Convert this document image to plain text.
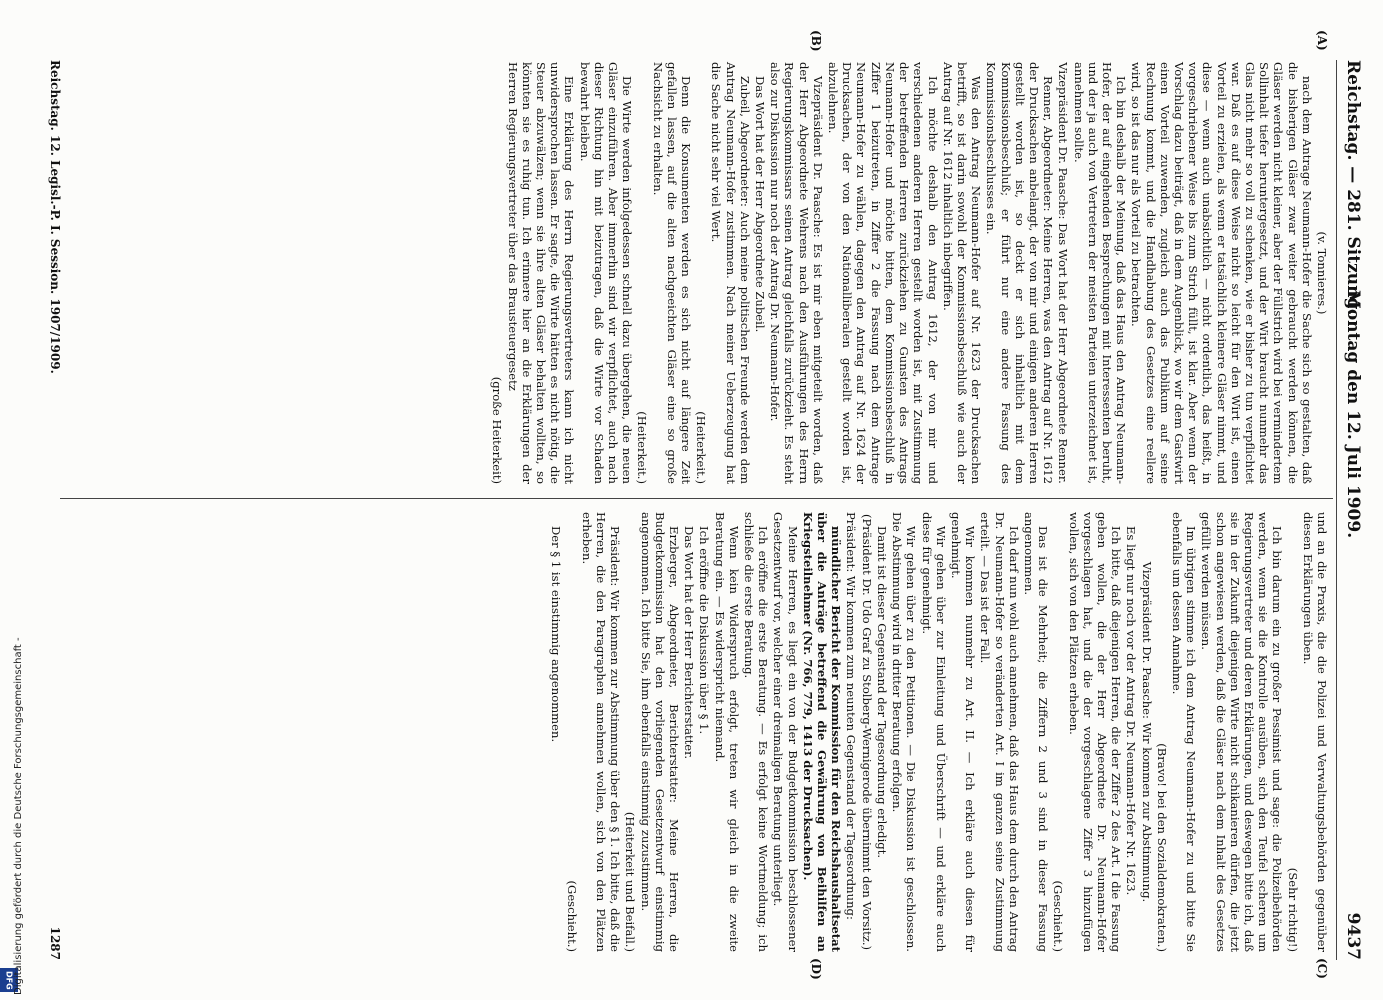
Reichstag. — 281. Sitzung.
Montag den 12. Juli 1909.
9437
(A)
(B)
(C)
(D)

(v. Tonnieres.)

nach dem Antrage Neumann-Hofer die Sache sich so gestalten, daß die bisherigen Gläser zwar weiter gebraucht werden können, die Gläser werden nicht kleiner, aber der Füllstrich wird bei vermindertem Sollinhalt tiefer heruntergesetzt, und der Wirt braucht nunmehr das Glas nicht mehr so voll zu schenken, wie er bisher zu tun verpflichtet war. Daß es auf diese Weise nicht so leicht für den Wirt ist, einen Vorteil zu erzielen, als wenn er tatsächlich kleinere Gläser nimmt, und diese — wenn auch unabsichtlich — nicht ordentlich, das heißt, in vorgeschriebener Weise bis zum Strich füllt, ist klar. Aber wenn der Vorschlag dazu beiträgt, daß in dem Augenblick, wo wir dem Gastwirt einen Vorteil zuwenden, zugleich auch das Publikum auf seine Rechnung kommt, und die Handhabung des Gesetzes eine reellere wird, so ist das nur als Vorteil zu betrachten.

Ich bin deshalb der Meinung, daß das Haus den Antrag Neumann-Hofer, der auf eingehenden Besprechungen mit Interessenten beruht, und der ja auch von Vertretern der meisten Parteien unterzeichnet ist, annehmen sollte.

Vizepräsident Dr. Paasche: Das Wort hat der Herr Abgeordnete Renner.

Renner, Abgeordneter: Meine Herren, was den Antrag auf Nr. 1612 der Drucksachen anbelangt, der von mir und einigen anderen Herren gestellt worden ist, so deckt er sich inhaltlich mit dem Kommissionsbeschluß; er führt nur eine andere Fassung des Kommissionsbeschlusses ein.

Was den Antrag Neumann-Hofer auf Nr. 1623 der Drucksachen betrifft, so ist darin sowohl der Kommissionsbeschluß wie auch der Antrag auf Nr. 1612 inhaltlich inbegriffen.

Ich möchte deshalb den Antrag 1612, der von mir und verschiedenen anderen Herren gestellt worden ist, mit Zustimmung der betreffenden Herren zurückziehen zu Gunsten des Antrags Neumann-Hofer und möchte bitten, dem Kommissionsbeschluß in Ziffer 1 beizutreten, in Ziffer 2 die Fassung nach dem Antrage Neumann-Hofer zu wählen, dagegen den Antrag auf Nr. 1624 der Drucksachen, der von den Nationalliberalen gestellt worden ist, abzulehnen.

Vizepräsident Dr. Paasche: Es ist mir eben mitgeteilt worden, daß der Herr Abgeordnete Wehrens nach den Ausführungen des Herrn Regierungskommissars seinen Antrag gleichfalls zurückzieht. Es steht also zur Diskussion nur noch der Antrag Dr. Neumann-Hofer.

Das Wort hat der Herr Abgeordnete Zubeil.

Zubeil, Abgeordneter: Auch meine politischen Freunde werden dem Antrag Neumann-Hofer zustimmen. Nach meiner Ueberzeugung hat die Sache nicht sehr viel Wert.

(Heiterkeit.)

Denn die Konsumenten werden es sich nicht auf längere Zeit gefallen lassen, auf die alten nachgeeichten Gläser eine so große Nachsicht zu erhalten.

(Heiterkeit.)

Die Wirte werden infolgedessen schnell dazu übergehen, die neuen Gläser einzuführen. Aber immerhin sind wir verpflichtet, auch nach dieser Richtung hin mit beizutragen, daß die Wirte vor Schaden bewahrt bleiben.

Eine Erklärung des Herrn Regierungsvertreters kann ich nicht unwidersprochen lassen. Er sagte, die Wirte hätten es nicht nötig, die Steuer abzuwälzen; wenn sie ihre alten Gläser behalten wollten, so könnten sie es ruhig tun. Ich erinnere hier an die Erklärungen der Herren Regierungsvertreter über das Brausteuergesetz

(große Heiterkeit)

und an die Praxis, die die Polizei und Verwaltungsbehörden gegenüber diesen Erklärungen üben.

(Sehr richtig!)

Ich bin darum ein zu großer Pessimist und sage: die Polizeibehörden werden, wenn sie die Kontrolle ausüben, sich den Teufel scheren um Regierungsvertreter und deren Erklärungen, und deswegen bitte ich, daß sie in der Zukunft diejenigen Wirte nicht schikanieren dürfen, die jetzt schon angewiesen werden, daß die Gläser nach dem Inhalt des Gesetzes gefüllt werden müssen.

Im übrigen stimme ich dem Antrag Neumann-Hofer zu und bitte Sie ebenfalls um dessen Annahme.

(Bravo! bei den Sozialdemokraten.)

Vizepräsident Dr. Paasche: Wir kommen zur Abstimmung.

Es liegt nur noch vor der Antrag Dr. Neumann-Hofer Nr. 1623.

Ich bitte, daß diejenigen Herren, die der Ziffer 2 des Art. I die Fassung geben wollen, die der Herr Abgeordnete Dr. Neumann-Hofer vorgeschlagen hat, und die der vorgeschlagene Ziffer 3 hinzufügen wollen, sich von den Plätzen erheben.

(Geschieht.)

Das ist die Mehrheit; die Ziffern 2 und 3 sind in dieser Fassung angenommen.

Ich darf nun wohl auch annehmen, daß das Haus dem durch den Antrag Dr. Neumann-Hofer so veränderten Art. I im ganzen seine Zustimmung erteilt. — Das ist der Fall.

Wir kommen nunmehr zu Art. II. — Ich erkläre auch diesen für genehmigt.

Wir gehen über zur Einleitung und Überschrift — und erkläre auch diese für genehmigt.

Wir gehen über zu den Petitionen. — Die Diskussion ist geschlossen. Die Abstimmung wird in dritter Beratung erfolgen.

Damit ist dieser Gegenstand der Tagesordnung erledigt.

(Präsident Dr. Udo Graf zu Stolberg-Wernigerode übernimmt den Vorsitz.)

Präsident: Wir kommen zum neunten Gegenstand der Tagesordnung:

mündlicher Bericht der Kommission für den Reichshaushaltsetat über die Anträge betreffend die Gewährung von Beihilfen an Kriegsteilnehmer (Nr. 766, 779, 1413 der Drucksachen).

Meine Herren, es liegt ein von der Budgetkommission beschlossener Gesetzentwurf vor, welcher einer dreimaligen Beratung unterliegt.

Ich eröffne die erste Beratung. — Es erfolgt keine Wortmeldung; ich schließe die erste Beratung.

Wenn kein Widerspruch erfolgt, treten wir gleich in die zweite Beratung ein. — Es widerspricht niemand.

Ich eröffne die Diskussion über § 1.

Das Wort hat der Herr Berichterstatter.

Erzberger, Abgeordneter, Berichterstatter: Meine Herren, die Budgetkommission hat den vorliegenden Gesetzentwurf einstimmig angenommen. Ich bitte Sie, ihm ebenfalls einstimmig zuzustimmen.

(Heiterkeit und Beifall.)

Präsident: Wir kommen zur Abstimmung über den § 1. Ich bitte, daß die Herren, die den Paragraphen annehmen wollen, sich von den Plätzen erheben.

(Geschieht.)

Der § 1 ist einstimmig angenommen.

Reichstag. 12. Legisl.-P. I. Session. 1907/1909.
1287
DFG Digitalisierung gefördert durch die Deutsche Forschungsgemeinschaft -
